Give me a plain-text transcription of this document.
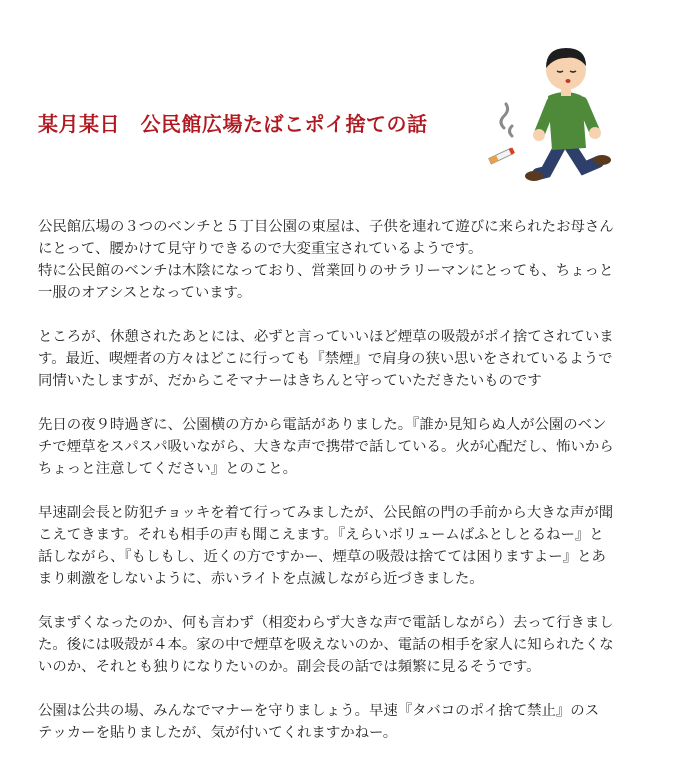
某月某日　公民館広場たばこポイ捨ての話

公民館広場の３つのベンチと５丁目公園の東屋は、子供を連れて遊びに来られたお母さん
にとって、腰かけて見守りできるので大変重宝されているようです。
特に公民館のベンチは木陰になっており、営業回りのサラリーマンにとっても、ちょっと
一服のオアシスとなっています。

ところが、休憩されたあとには、必ずと言っていいほど煙草の吸殻がポイ捨てされていま
す。最近、喫煙者の方々はどこに行っても『禁煙』で肩身の狭い思いをされているようで
同情いたしますが、だからこそマナーはきちんと守っていただきたいものです

先日の夜９時過ぎに、公園横の方から電話がありました。『誰か見知らぬ人が公園のベン
チで煙草をスパスパ吸いながら、大きな声で携帯で話している。火が心配だし、怖いから
ちょっと注意してください』とのこと。

早速副会長と防犯チョッキを着て行ってみましたが、公民館の門の手前から大きな声が聞
こえてきます。それも相手の声も聞こえます。『えらいボリュームばふとしとるねー』と
話しながら、『もしもし、近くの方ですかー、煙草の吸殻は捨てては困りますよー』とあ
まり刺激をしないように、赤いライトを点滅しながら近づきました。

気まずくなったのか、何も言わず（相変わらず大きな声で電話しながら）去って行きまし
た。後には吸殻が４本。家の中で煙草を吸えないのか、電話の相手を家人に知られたくな
いのか、それとも独りになりたいのか。副会長の話では頻繁に見るそうです。

公園は公共の場、みんなでマナーを守りましょう。早速『タバコのポイ捨て禁止』のス
テッカーを貼りましたが、気が付いてくれますかねー。
